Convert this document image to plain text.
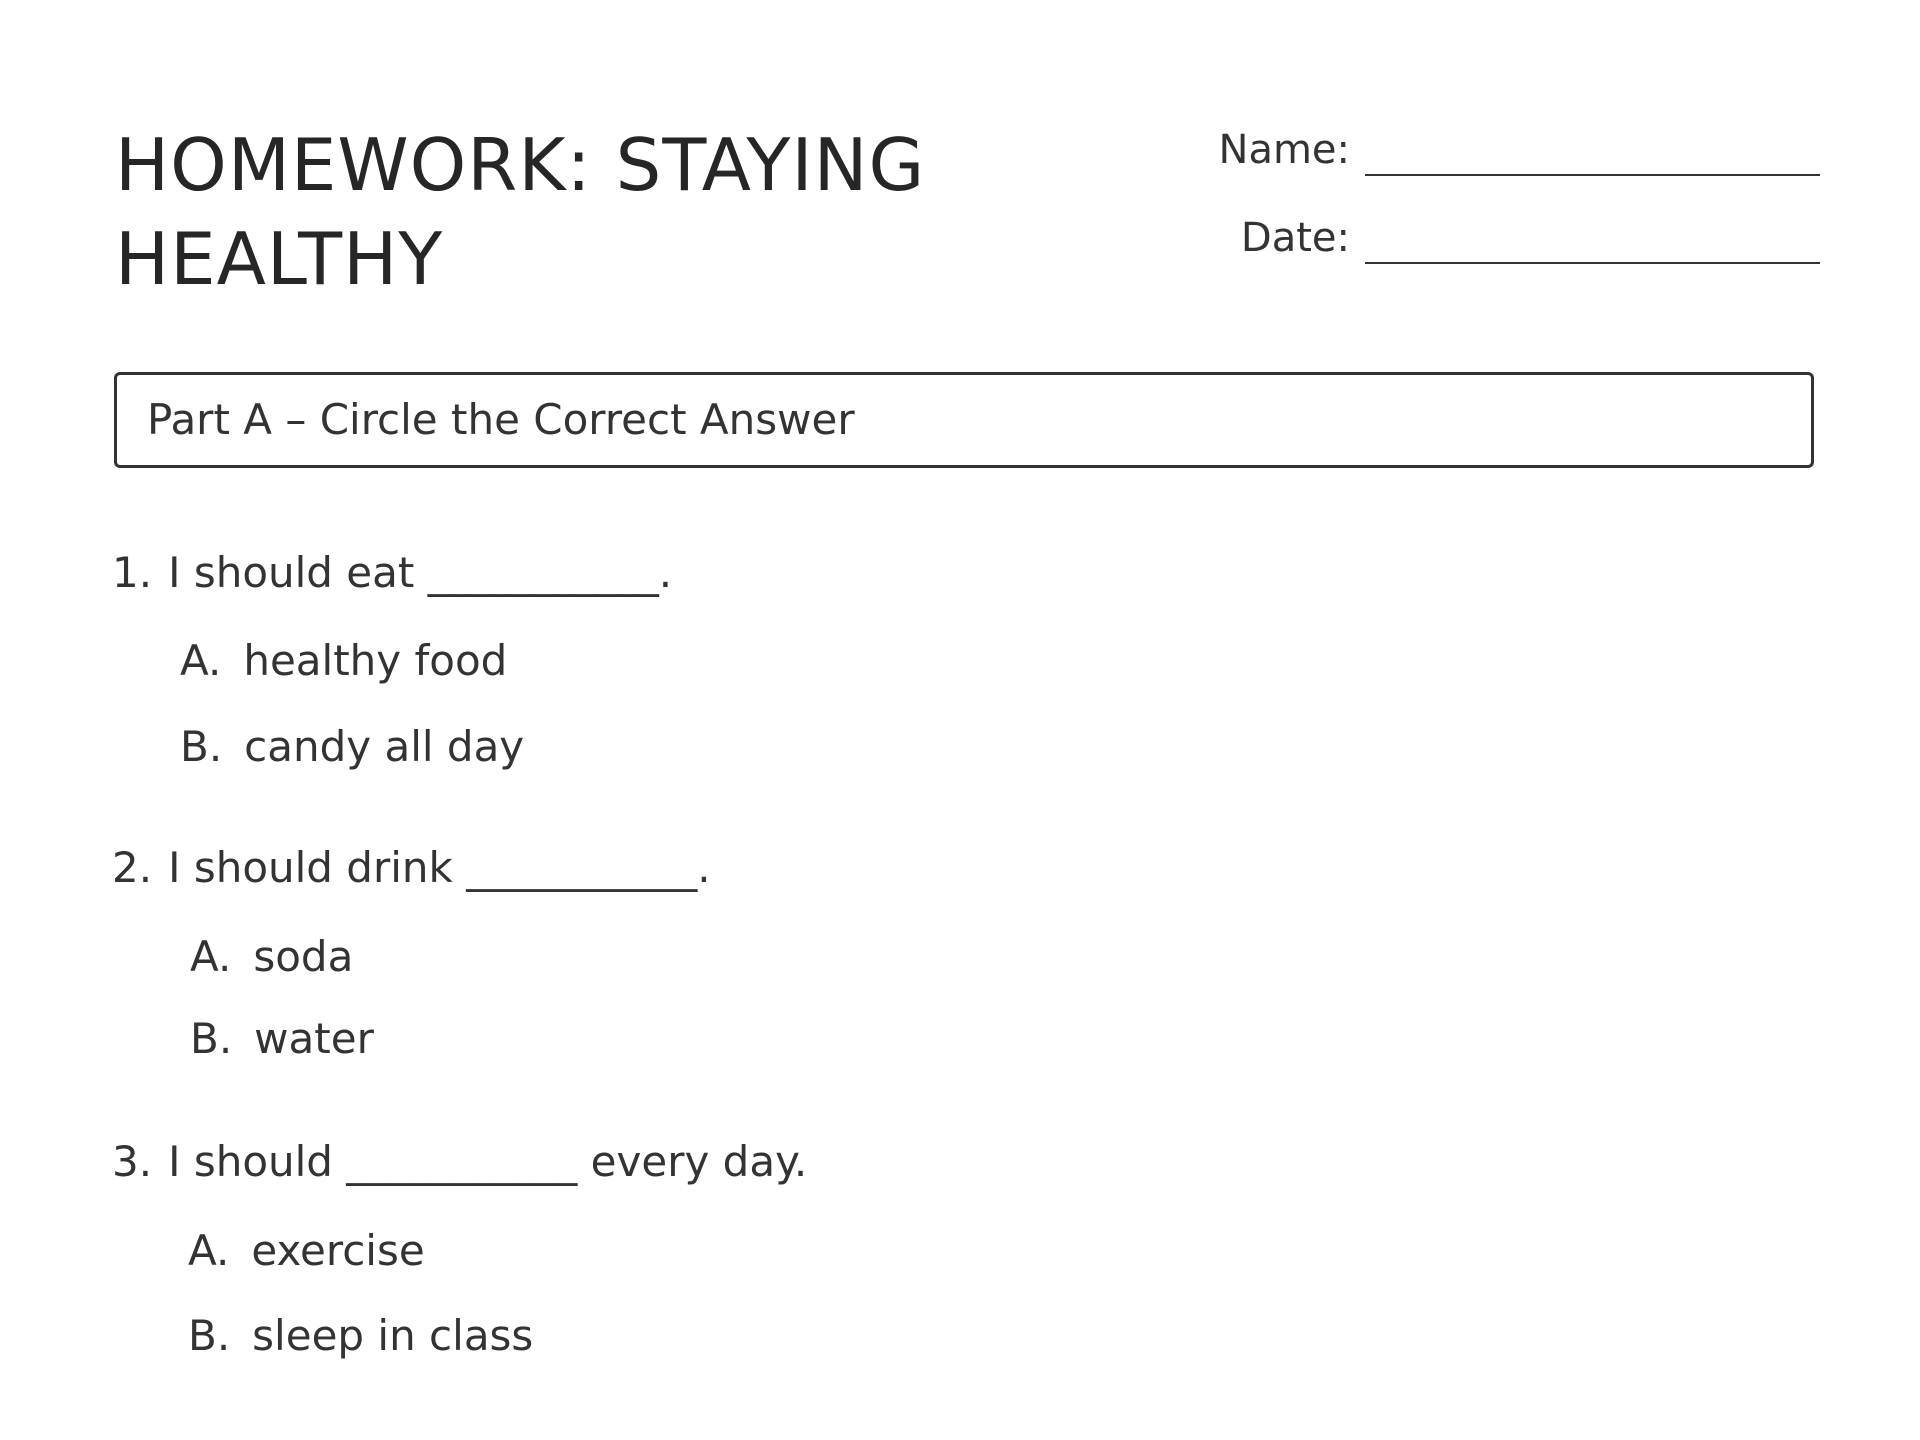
HOMEWORK: STAYING
HEALTHY
Name:
Date:
Part A – Circle the Correct Answer
1. I should eat ___________.
A. healthy food
B. candy all day
2. I should drink ___________.
A. soda
B. water
3. I should ___________ every day.
A. exercise
B. sleep in class
